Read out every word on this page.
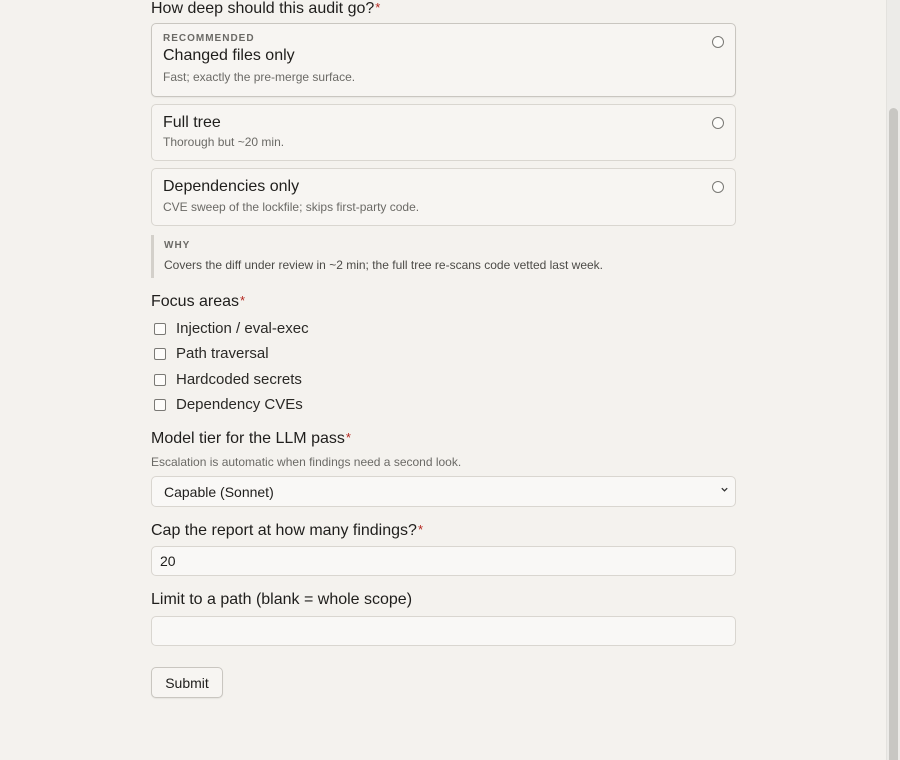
How deep should this audit go?*
RECOMMENDED
Changed files only
Fast; exactly the pre-merge surface.
Full tree
Thorough but ~20 min.
Dependencies only
CVE sweep of the lockfile; skips first-party code.
WHY
Covers the diff under review in ~2 min; the full tree re-scans code vetted last week.
Focus areas*
Injection / eval-exec
Path traversal
Hardcoded secrets
Dependency CVEs
Model tier for the LLM pass*
Escalation is automatic when findings need a second look.
Capable (Sonnet)
Cap the report at how many findings?*
20
Limit to a path (blank = whole scope)
Submit
